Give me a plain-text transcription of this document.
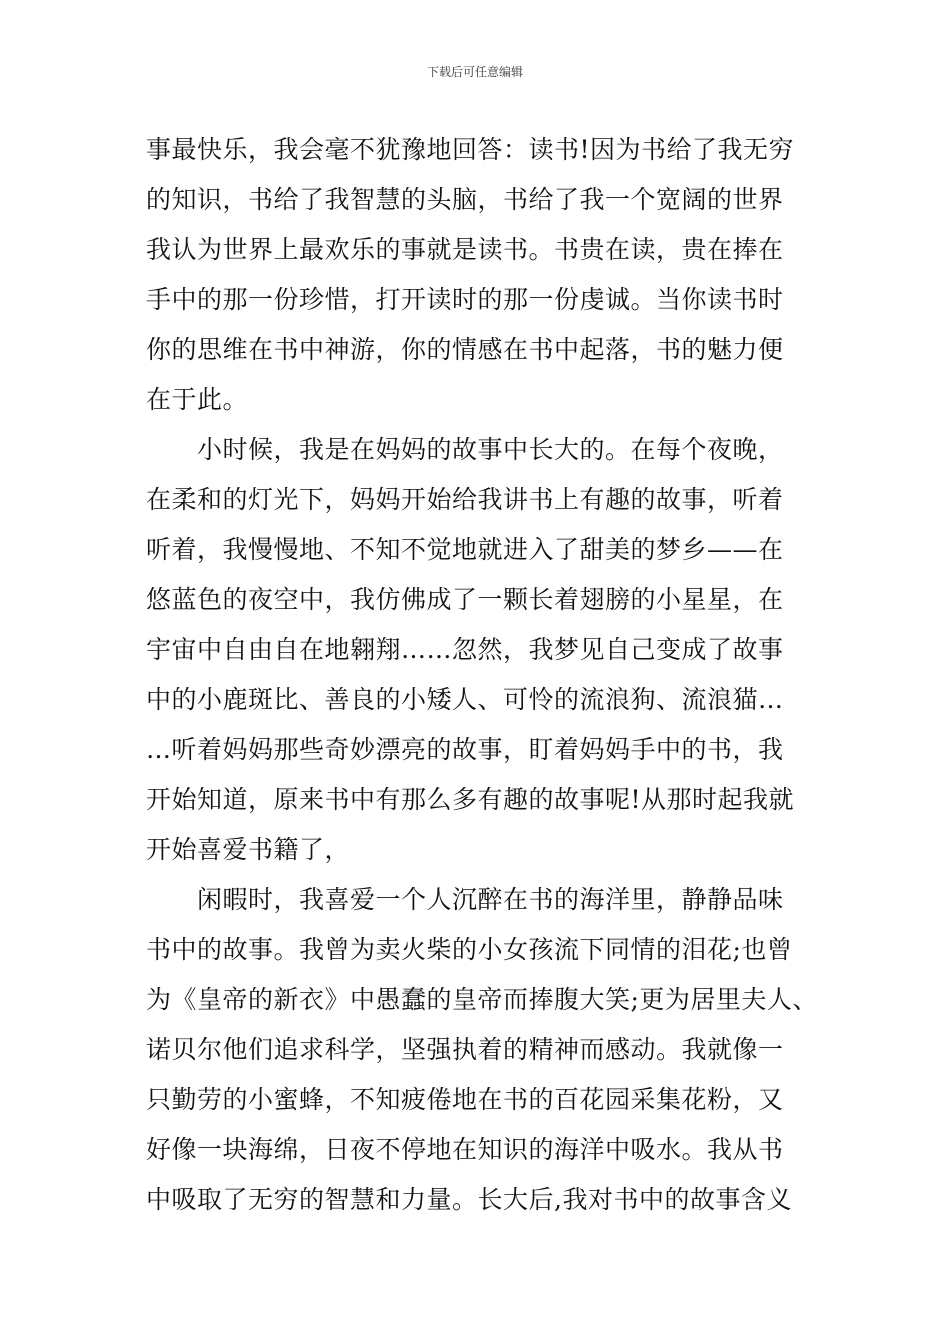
下载后可任意编辑
事最快乐，我会毫不犹豫地回答：读书!因为书给了我无穷
的知识，书给了我智慧的头脑，书给了我一个宽阔的世界
我认为世界上最欢乐的事就是读书。书贵在读，贵在捧在
手中的那一份珍惜，打开读时的那一份虔诚。当你读书时
你的思维在书中神游，你的情感在书中起落，书的魅力便
在于此。
　　小时候，我是在妈妈的故事中长大的。在每个夜晚，
在柔和的灯光下，妈妈开始给我讲书上有趣的故事，听着
听着，我慢慢地、不知不觉地就进入了甜美的梦乡——在
悠蓝色的夜空中，我仿佛成了一颗长着翅膀的小星星，在
宇宙中自由自在地翱翔……忽然，我梦见自己变成了故事
中的小鹿斑比、善良的小矮人、可怜的流浪狗、流浪猫…
…听着妈妈那些奇妙漂亮的故事，盯着妈妈手中的书，我
开始知道，原来书中有那么多有趣的故事呢!从那时起我就
开始喜爱书籍了，
　　闲暇时，我喜爱一个人沉醉在书的海洋里，静静品味
书中的故事。我曾为卖火柴的小女孩流下同情的泪花;也曾
为《皇帝的新衣》中愚蠢的皇帝而捧腹大笑;更为居里夫人、
诺贝尔他们追求科学，坚强执着的精神而感动。我就像一
只勤劳的小蜜蜂，不知疲倦地在书的百花园采集花粉，又
好像一块海绵，日夜不停地在知识的海洋中吸水。我从书
中吸取了无穷的智慧和力量。长大后,我对书中的故事含义
